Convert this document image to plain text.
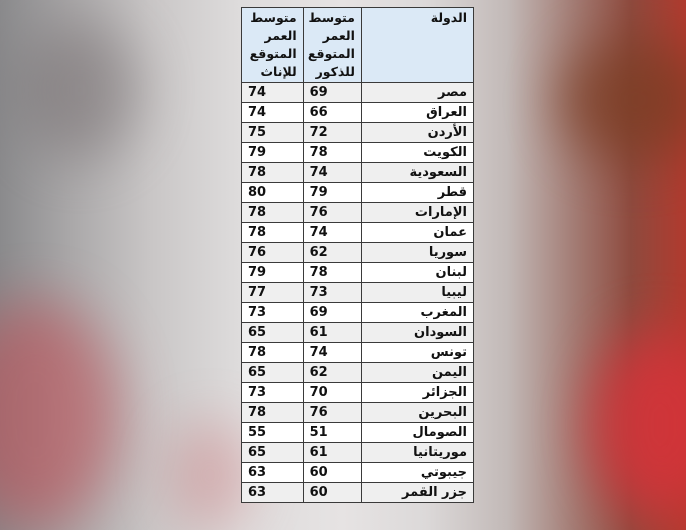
متوسط العمر المتوقع للإناث	متوسط العمر المتوقع للذكور	الدولة
74	69	مصر
74	66	العراق
75	72	الأردن
79	78	الكويت
78	74	السعودية
80	79	قطر
78	76	الإمارات
78	74	عمان
76	62	سوريا
79	78	لبنان
77	73	ليبيا
73	69	المغرب
65	61	السودان
78	74	تونس
65	62	اليمن
73	70	الجزائر
78	76	البحرين
55	51	الصومال
65	61	موريتانيا
63	60	جيبوتي
63	60	جزر القمر
